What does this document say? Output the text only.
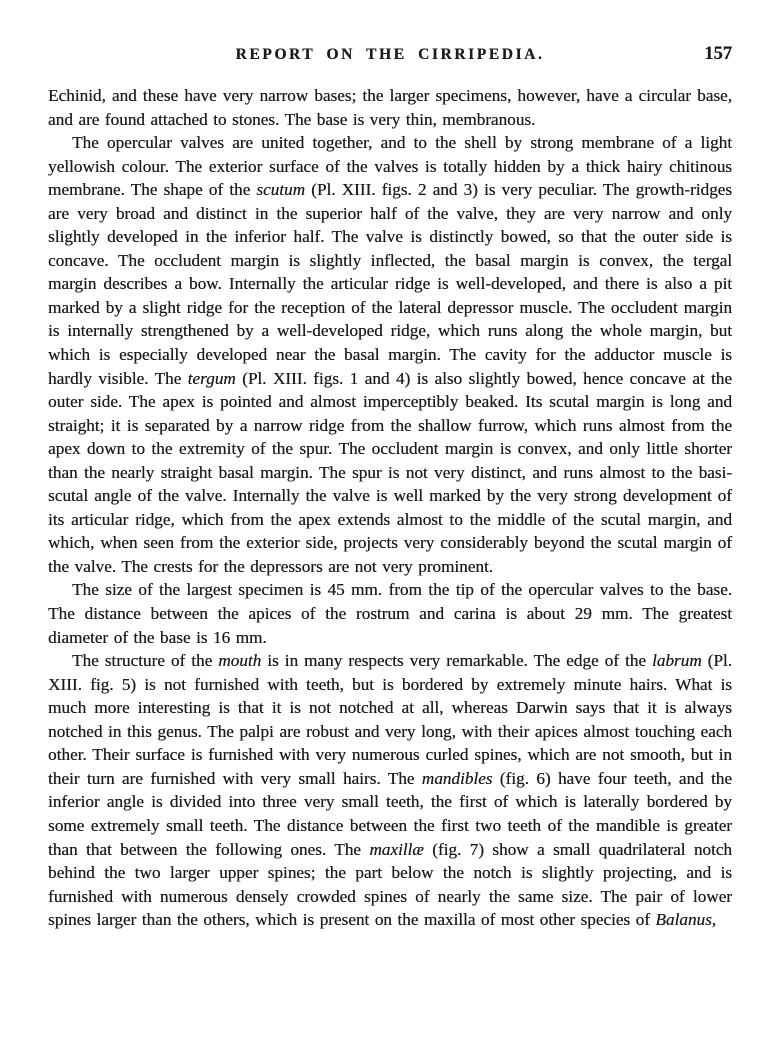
REPORT ON THE CIRRIPEDIA.	157

Echinid, and these have very narrow bases; the larger specimens, however, have a circular base, and are found attached to stones. The base is very thin, membranous.

The opercular valves are united together, and to the shell by strong membrane of a light yellowish colour. The exterior surface of the valves is totally hidden by a thick hairy chitinous membrane. The shape of the scutum (Pl. XIII. figs. 2 and 3) is very peculiar. The growth-ridges are very broad and distinct in the superior half of the valve, they are very narrow and only slightly developed in the inferior half. The valve is distinctly bowed, so that the outer side is concave. The occludent margin is slightly inflected, the basal margin is convex, the tergal margin describes a bow. Internally the articular ridge is well-developed, and there is also a pit marked by a slight ridge for the reception of the lateral depressor muscle. The occludent margin is internally strengthened by a well-developed ridge, which runs along the whole margin, but which is especially developed near the basal margin. The cavity for the adductor muscle is hardly visible. The tergum (Pl. XIII. figs. 1 and 4) is also slightly bowed, hence concave at the outer side. The apex is pointed and almost imperceptibly beaked. Its scutal margin is long and straight; it is separated by a narrow ridge from the shallow furrow, which runs almost from the apex down to the extremity of the spur. The occludent margin is convex, and only little shorter than the nearly straight basal margin. The spur is not very distinct, and runs almost to the basi-scutal angle of the valve. Internally the valve is well marked by the very strong development of its articular ridge, which from the apex extends almost to the middle of the scutal margin, and which, when seen from the exterior side, projects very considerably beyond the scutal margin of the valve. The crests for the depressors are not very prominent.

The size of the largest specimen is 45 mm. from the tip of the opercular valves to the base. The distance between the apices of the rostrum and carina is about 29 mm. The greatest diameter of the base is 16 mm.

The structure of the mouth is in many respects very remarkable. The edge of the labrum (Pl. XIII. fig. 5) is not furnished with teeth, but is bordered by extremely minute hairs. What is much more interesting is that it is not notched at all, whereas Darwin says that it is always notched in this genus. The palpi are robust and very long, with their apices almost touching each other. Their surface is furnished with very numerous curled spines, which are not smooth, but in their turn are furnished with very small hairs. The mandibles (fig. 6) have four teeth, and the inferior angle is divided into three very small teeth, the first of which is laterally bordered by some extremely small teeth. The distance between the first two teeth of the mandible is greater than that between the following ones. The maxillæ (fig. 7) show a small quadrilateral notch behind the two larger upper spines; the part below the notch is slightly projecting, and is furnished with numerous densely crowded spines of nearly the same size. The pair of lower spines larger than the others, which is present on the maxilla of most other species of Balanus,
